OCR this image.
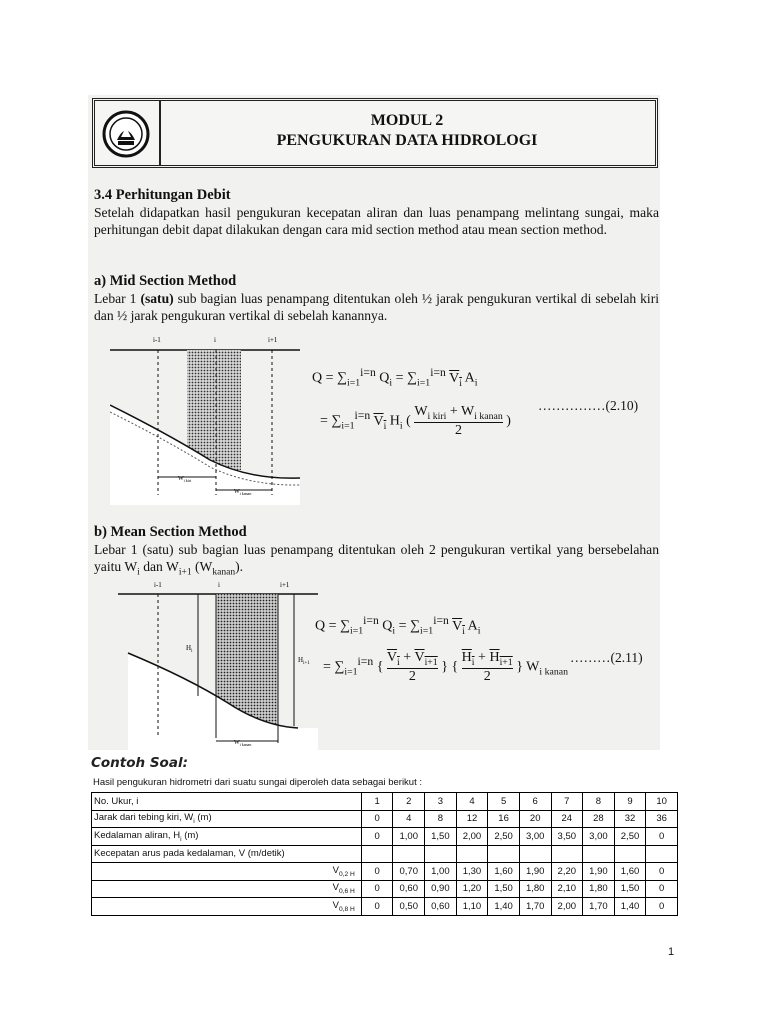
MODUL 2
PENGUKURAN DATA HIDROLOGI
3.4 Perhitungan Debit
Setelah didapatkan hasil pengukuran kecepatan aliran dan luas penampang melintang sungai, maka perhitungan debit dapat dilakukan dengan cara mid section method atau mean section method.
a) Mid Section Method
Lebar 1 (satu) sub bagian luas penampang ditentukan oleh ½ jarak pengukuran vertikal di sebelah kiri dan ½ jarak pengukuran vertikal di sebelah kanannya.
i-1	i	i+1
$W_{i kiri}$
$W_{i kanan}$
$Q = \sum_{i=1}^{i=n}$ $Q_i = \sum_{i=1}^{i=n}$ $V_i$ $A_i$
= $\sum_{i=1}^{i=n}$ $V_i$ $H_i$ (
$W_{i kiri} + W_{i kanan}$
2
)
……………(2.10)
b) Mean Section Method
Lebar 1 (satu) sub bagian luas penampang ditentukan oleh 2 pengukuran vertikal yang bersebelahan yaitu $W_i$ dan $W_{i+1}$ $(W_{kanan})$.
i-1	i	i+1
$H_i$
$H_{i+1}$
$W_{i kanan}$
$Q = \sum_{i=1}^{i=n}$ $Q_i = \sum_{i=1}^{i=n}$ $V_i$ $A_i$
= $\sum_{i=1}^{i=n}$ { $\frac{V_i + V_{i+1}}{2}$ } { $\frac{H_i + H_{i+1}}{2}$ } $W_{i kanan}$
………(2.11)
Contoh Soal:
Hasil pengukuran hidrometri dari suatu sungai diperoleh data sebagai berikut :
No. Ukur, i	1	2	3	4	5	6	7	8	9	10
Jarak dari tebing kiri, $W_i$ (m)	0	4	8	12	16	20	24	28	32	36
Kedalaman aliran, $H_i$ (m)	0	1,00	1,50	2,00	2,50	3,00	3,50	3,00	2,50	0
Kecepatan arus pada kedalaman, V (m/detik)										
$V_{0,2 H}$	0	0,70	1,00	1,30	1,60	1,90	2,20	1,90	1,60	0
$V_{0,6 H}$	0	0,60	0,90	1,20	1,50	1,80	2,10	1,80	1,50	0
$V_{0,8 H}$	0	0,50	0,60	1,10	1,40	1,70	2,00	1,70	1,40	0
1
